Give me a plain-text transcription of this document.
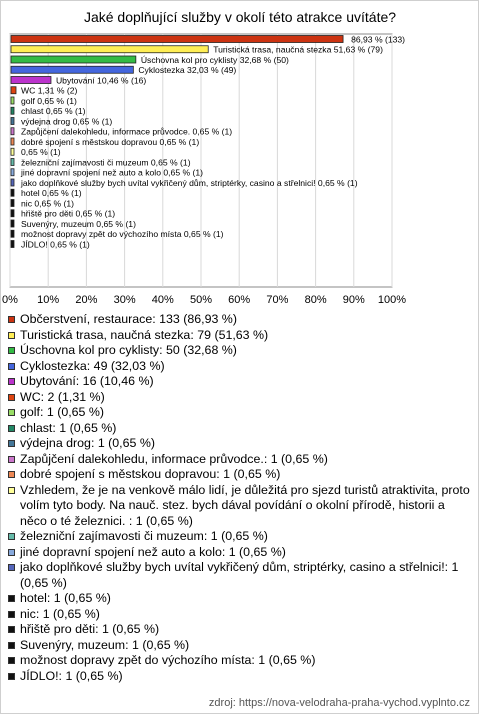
Jaké doplňující služby v okolí této atrakce uvítáte?
0% 10% 20% 30% 40% 50% 60% 70% 80% 90% 100%
86,93 % (133)
Turistická trasa, naučná stezka 51,63 % (79)
Úschovna kol pro cyklisty 32,68 % (50)
Cyklostezka 32,03 % (49)
Ubytování 10,46 % (16)
WC 1,31 % (2)
golf 0,65 % (1)
chlast 0,65 % (1)
výdejna drog 0,65 % (1)
Zapůjčení dalekohledu, informace průvodce. 0,65 % (1)
dobré spojení s městskou dopravou 0,65 % (1)
0,65 % (1)
železniční zajímavosti či muzeum 0,65 % (1)
jiné dopravní spojení než auto a kolo 0,65 % (1)
jako doplňkové služby bych uvítal vykřičený dům, striptérky, casino a střelnici! 0,65 % (1)
hotel 0,65 % (1)
nic 0,65 % (1)
hřiště pro děti 0,65 % (1)
Suvenýry, muzeum 0,65 % (1)
možnost dopravy zpět do výchozího místa 0,65 % (1)
JÍDLO! 0,65 % (1)
Občerstvení, restaurace: 133 (86,93 %)
Turistická trasa, naučná stezka: 79 (51,63 %)
Úschovna kol pro cyklisty: 50 (32,68 %)
Cyklostezka: 49 (32,03 %)
Ubytování: 16 (10,46 %)
WC: 2 (1,31 %)
golf: 1 (0,65 %)
chlast: 1 (0,65 %)
výdejna drog: 1 (0,65 %)
Zapůjčení dalekohledu, informace průvodce.: 1 (0,65 %)
dobré spojení s městskou dopravou: 1 (0,65 %)
Vzhledem, že je na venkově málo lidí, je důležitá pro sjezd turistů atraktivita, proto volím tyto body. Na nauč. stez. bych dával povídání o okolní přírodě, historii a něco o té železnici. : 1 (0,65 %)
železniční zajímavosti či muzeum: 1 (0,65 %)
jiné dopravní spojení než auto a kolo: 1 (0,65 %)
jako doplňkové služby bych uvítal vykřičený dům, striptérky, casino a střelnici!: 1 (0,65 %)
hotel: 1 (0,65 %)
nic: 1 (0,65 %)
hřiště pro děti: 1 (0,65 %)
Suvenýry, muzeum: 1 (0,65 %)
možnost dopravy zpět do výchozího místa: 1 (0,65 %)
JÍDLO!: 1 (0,65 %)
zdroj: https://nova-velodraha-praha-vychod.vyplnto.cz
